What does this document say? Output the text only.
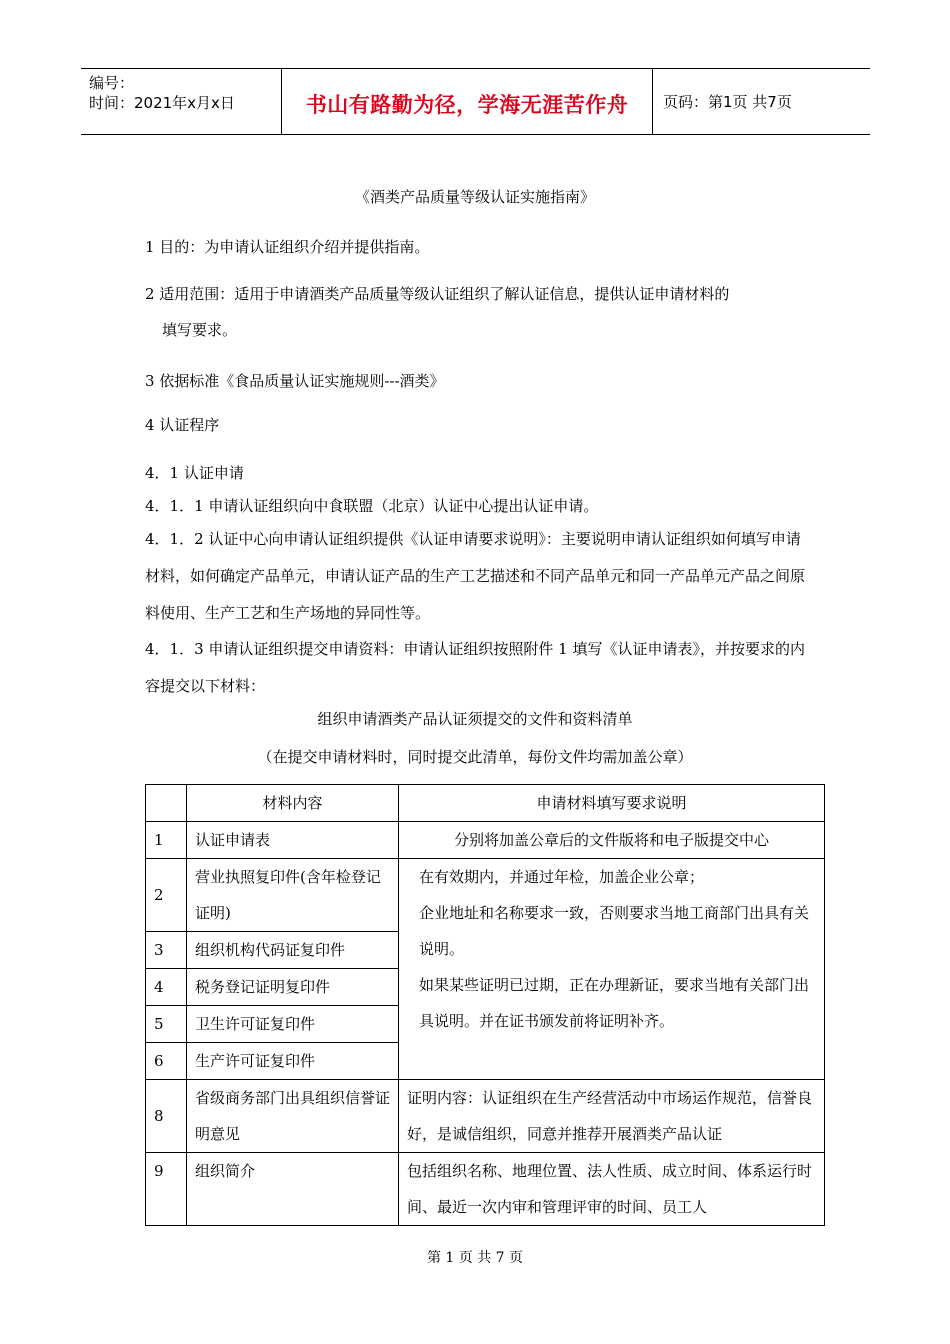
编号：
时间：2021年x月x日	书山有路勤为径，学海无涯苦作舟	页码：第1页 共7页
《酒类产品质量等级认证实施指南》
1 目的：为申请认证组织介绍并提供指南。
2 适用范围：适用于申请酒类产品质量等级认证组织了解认证信息，提供认证申请材料的
填写要求。
3 依据标准《食品质量认证实施规则---酒类》
4 认证程序
4．1 认证申请
4．1．1 申请认证组织向中食联盟（北京）认证中心提出认证申请。
4．1．2 认证中心向申请认证组织提供《认证申请要求说明》：主要说明申请认证组织如何填写申请材料，如何确定产品单元，申请认证产品的生产工艺描述和不同产品单元和同一产品单元产品之间原料使用、生产工艺和生产场地的异同性等。
4．1．3 申请认证组织提交申请资料：申请认证组织按照附件 1 填写《认证申请表》，并按要求的内容提交以下材料：
组织申请酒类产品认证须提交的文件和资料清单
（在提交申请材料时，同时提交此清单，每份文件均需加盖公章）
	材料内容	申请材料填写要求说明
1	认证申请表	分别将加盖公章后的文件版将和电子版提交中心
2	营业执照复印件(含年检登记证明)	在有效期内，并通过年检，加盖企业公章；
企业地址和名称要求一致，否则要求当地工商部门出具有关说明。
如果某些证明已过期，正在办理新证，要求当地有关部门出具说明。并在证书颁发前将证明补齐。

3	组织机构代码证复印件	
4	税务登记证明复印件	
5	卫生许可证复印件	
6	生产许可证复印件	
8	省级商务部门出具组织信誉证明意见	证明内容：认证组织在生产经营活动中市场运作规范，信誉良好，是诚信组织，同意并推荐开展酒类产品认证
9	组织简介	包括组织名称、地理位置、法人性质、成立时间、体系运行时间、最近一次内审和管理评审的时间、员工人
第 1 页 共 7 页
